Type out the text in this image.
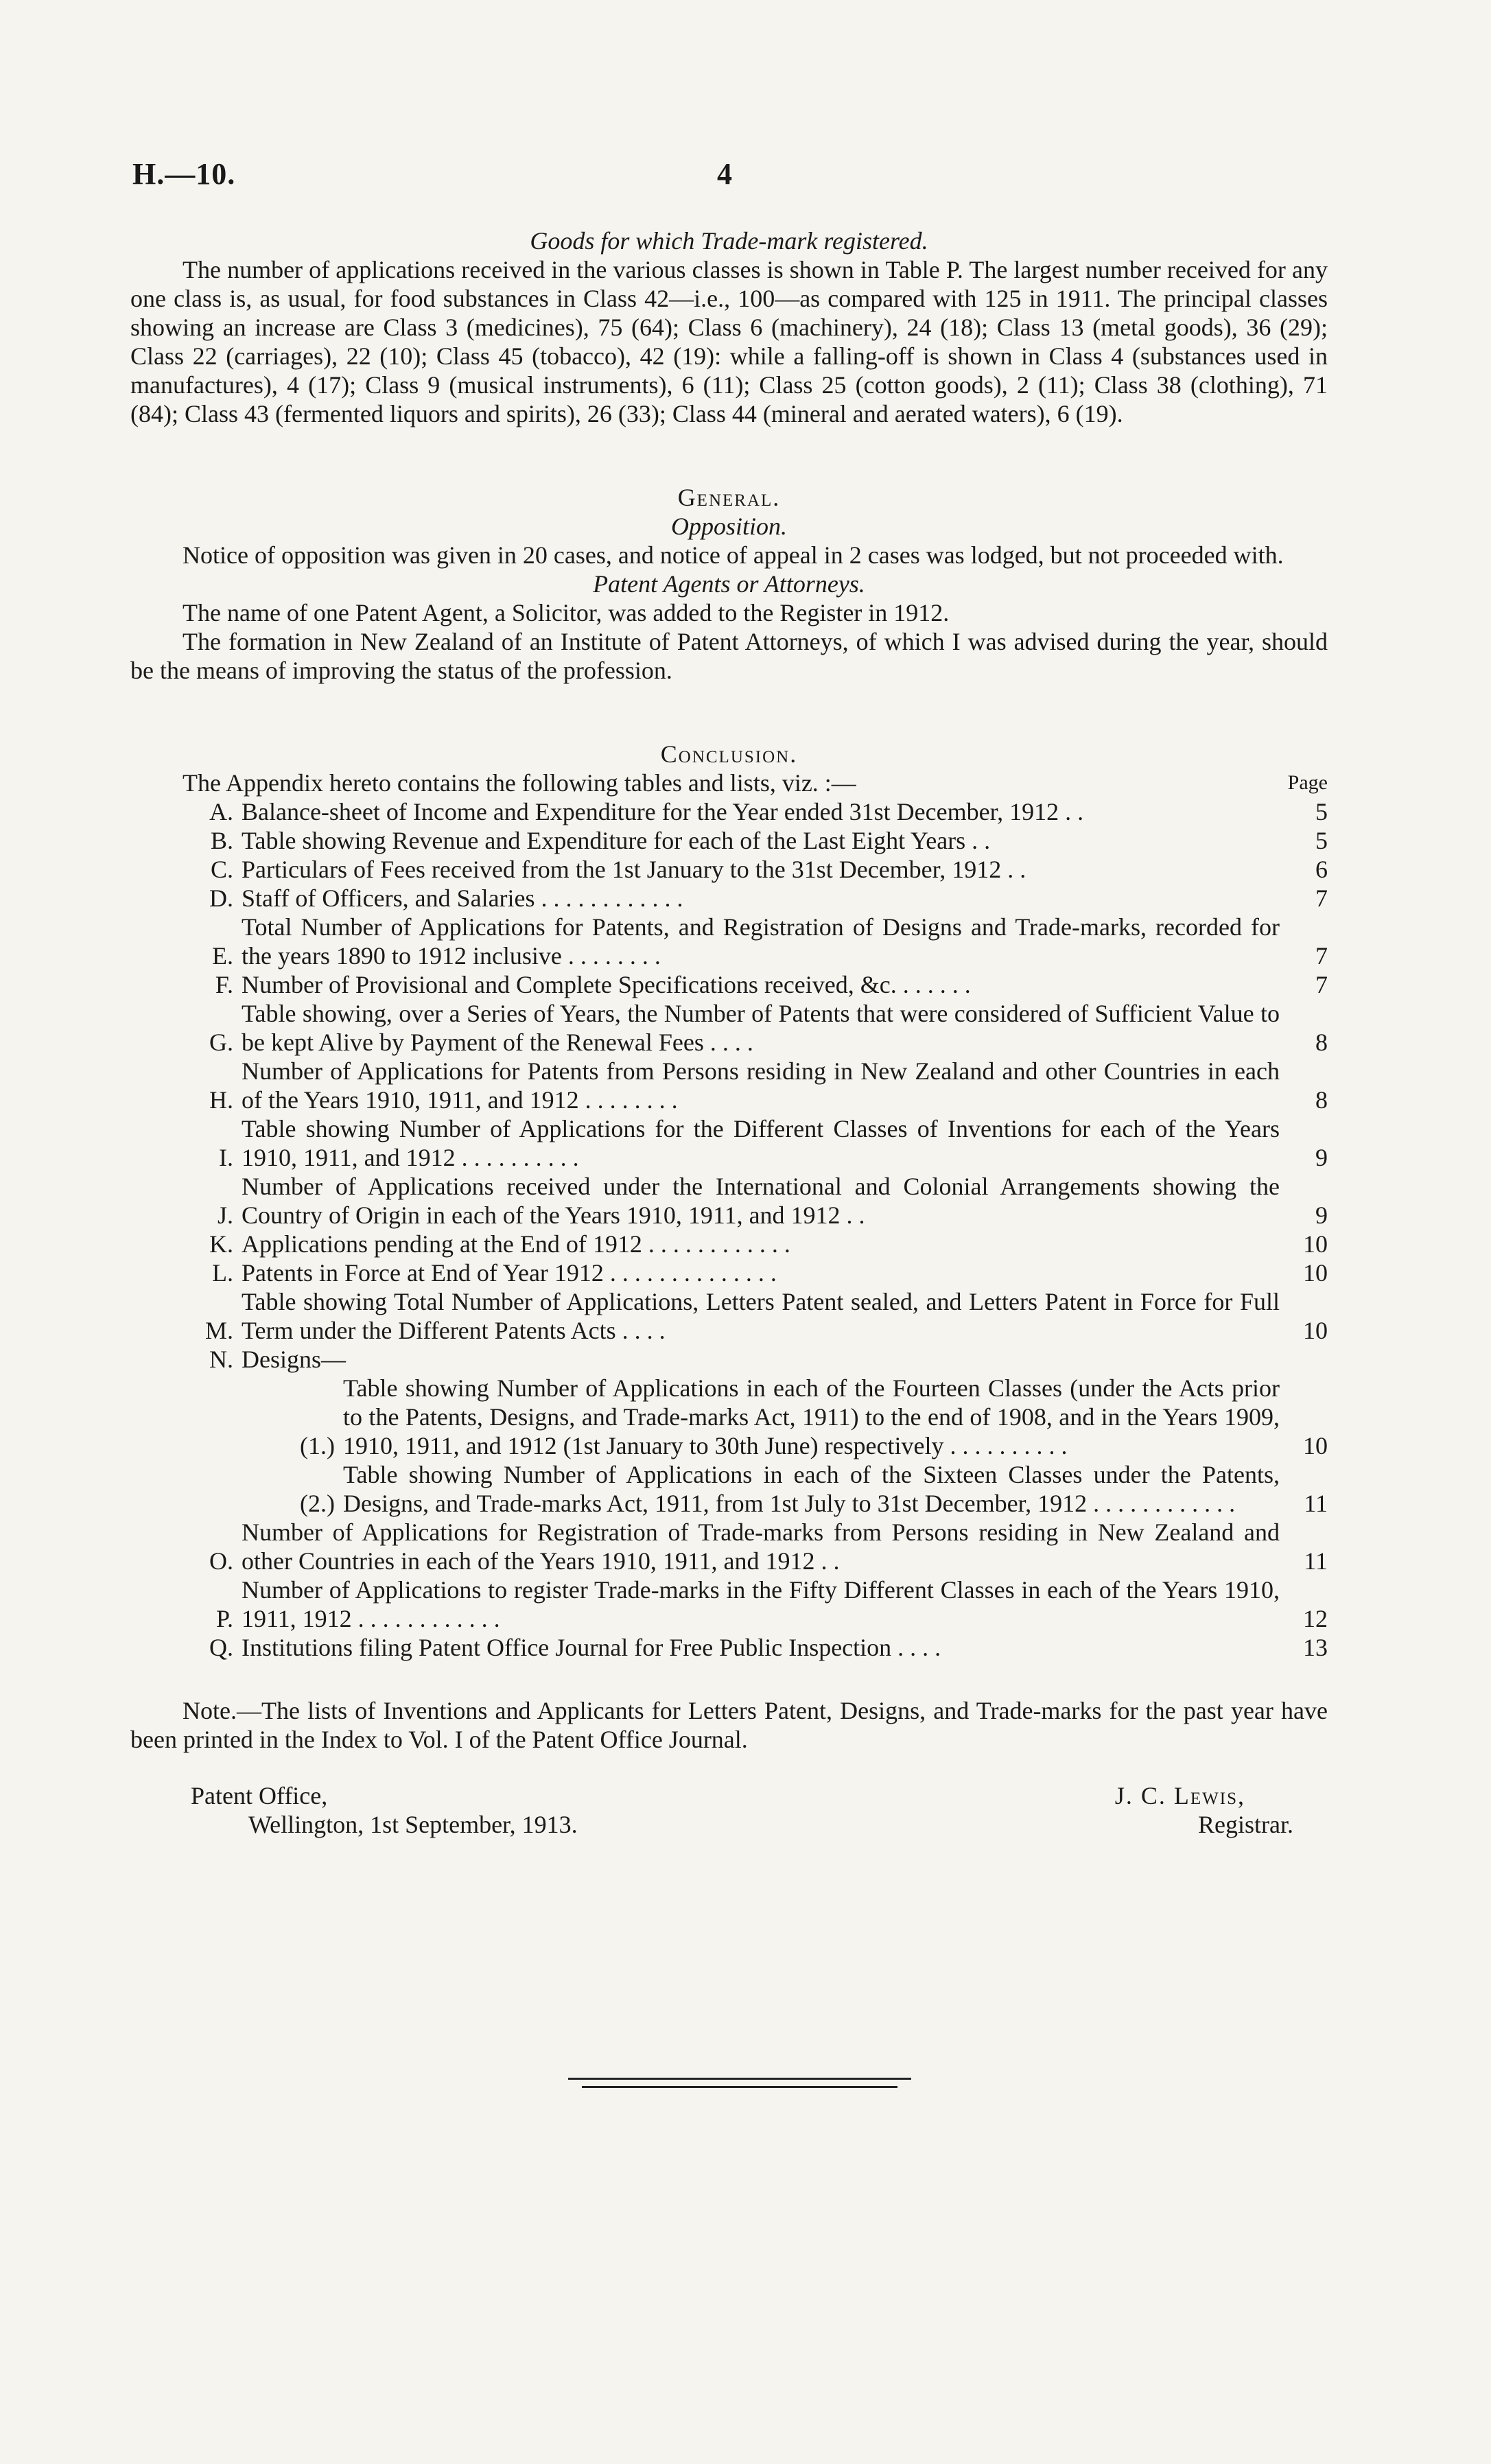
H.—10.	4
Goods for which Trade-mark registered.

The number of applications received in the various classes is shown in Table P. The largest number received for any one class is, as usual, for food substances in Class 42—i.e., 100—as compared with 125 in 1911. The principal classes showing an increase are Class 3 (medicines), 75 (64); Class 6 (machinery), 24 (18); Class 13 (metal goods), 36 (29); Class 22 (carriages), 22 (10); Class 45 (tobacco), 42 (19): while a falling-off is shown in Class 4 (substances used in manufactures), 4 (17); Class 9 (musical instruments), 6 (11); Class 25 (cotton goods), 2 (11); Class 38 (clothing), 71 (84); Class 43 (fermented liquors and spirits), 26 (33); Class 44 (mineral and aerated waters), 6 (19).

General.
Opposition.

Notice of opposition was given in 20 cases, and notice of appeal in 2 cases was lodged, but not proceeded with.

Patent Agents or Attorneys.

The name of one Patent Agent, a Solicitor, was added to the Register in 1912.

The formation in New Zealand of an Institute of Patent Attorneys, of which I was advised during the year, should be the means of improving the status of the profession.

Conclusion.
The Appendix hereto contains the following tables and lists, viz. :—	Page
A. Balance-sheet of Income and Expenditure for the Year ended 31st December, 1912 . .	5
B. Table showing Revenue and Expenditure for each of the Last Eight Years . .	5
C. Particulars of Fees received from the 1st January to the 31st December, 1912 . .	6
D. Staff of Officers, and Salaries . . . . . . . . . . . .	7
E.
Total Number of Applications for Patents, and Registration of Designs and Trade-marks, recorded for the years 1890 to 1912 inclusive . . . . . . . .	7
F. Number of Provisional and Complete Specifications received, &c. . . . . . .	7
G.
Table showing, over a Series of Years, the Number of Patents that were considered of Sufficient Value to be kept Alive by Payment of the Renewal Fees . . . .	8
H.
Number of Applications for Patents from Persons residing in New Zealand and other Countries in each of the Years 1910, 1911, and 1912 . . . . . . . .	8
I.
Table showing Number of Applications for the Different Classes of Inventions for each of the Years 1910, 1911, and 1912 . . . . . . . . . .	9
J.
Number of Applications received under the International and Colonial Arrangements showing the Country of Origin in each of the Years 1910, 1911, and 1912 . .	9
K. Applications pending at the End of 1912 . . . . . . . . . . . .	10
L. Patents in Force at End of Year 1912 . . . . . . . . . . . . . .	10
M.
Table showing Total Number of Applications, Letters Patent sealed, and Letters Patent in Force for Full Term under the Different Patents Acts . . . .	10
N. Designs—
(1.)
Table showing Number of Applications in each of the Fourteen Classes (under the Acts prior to the Patents, Designs, and Trade-marks Act, 1911) to the end of 1908, and in the Years 1909, 1910, 1911, and 1912 (1st January to 30th June) respectively . . . . . . . . . .	10
(2.)
Table showing Number of Applications in each of the Sixteen Classes under the Patents, Designs, and Trade-marks Act, 1911, from 1st July to 31st December, 1912 . . . . . . . . . . . .	11
O.
Number of Applications for Registration of Trade-marks from Persons residing in New Zealand and other Countries in each of the Years 1910, 1911, and 1912 . .	11
P.
Number of Applications to register Trade-marks in the Fifty Different Classes in each of the Years 1910, 1911, 1912 . . . . . . . . . . . .	12
Q. Institutions filing Patent Office Journal for Free Public Inspection . . . .	13

Note.—The lists of Inventions and Applicants for Letters Patent, Designs, and Trade-marks for the past year have been printed in the Index to Vol. I of the Patent Office Journal.

Patent Office,
Wellington, 1st September, 1913.
J. C. Lewis,
Registrar.
